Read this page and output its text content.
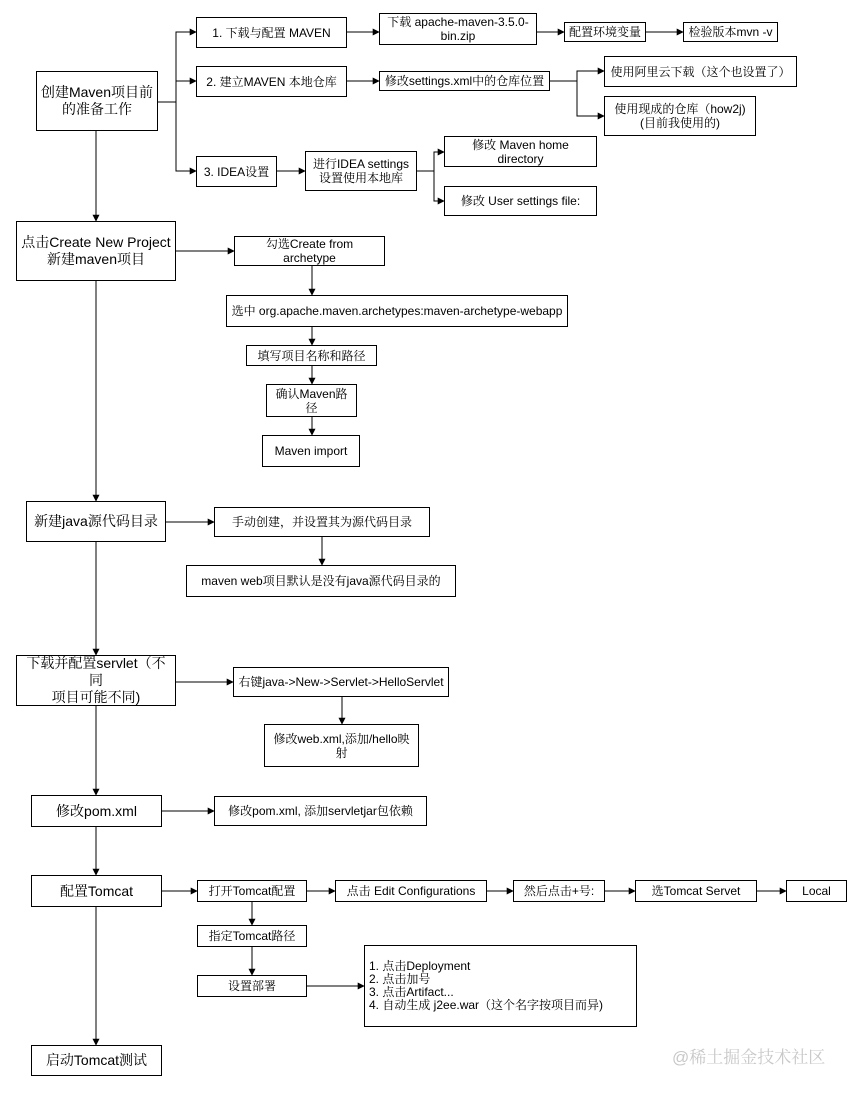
创建Maven项目前
的准备工作
点击Create New Project
新建maven项目
新建java源代码目录
下载并配置servlet（不同
项目可能不同)
修改pom.xml
配置Tomcat
启动Tomcat测试
1. 下载与配置 MAVEN
下载 apache-maven-3.5.0-
bin.zip	配置环境变量	检验版本mvn -v
2. 建立MAVEN 本地仓库	修改settings.xml中的仓库位置
使用阿里云下载（这个也设置了）
使用现成的仓库（how2j)
(目前我使用的)
3. IDEA设置
进行IDEA settings
设置使用本地库
修改 Maven home directory
修改 User settings file:
勾选Create from archetype
选中 org.apache.maven.archetypes:maven-archetype-webapp
填写项目名称和路径
确认Maven路径
Maven import
手动创建，并设置其为源代码目录
maven web项目默认是没有java源代码目录的
右键java->New->Servlet->HelloServlet
修改web.xml,添加/hello映射
修改pom.xml, 添加servletjar包依赖
打开Tomcat配置	点击 Edit Configurations	然后点击+号:	选Tomcat Servet	Local
指定Tomcat路径
设置部署
1. 点击Deployment
2. 点击加号
3. 点击Artifact...
4. 自动生成 j2ee.war（这个名字按项目而异)
@稀土掘金技术社区
